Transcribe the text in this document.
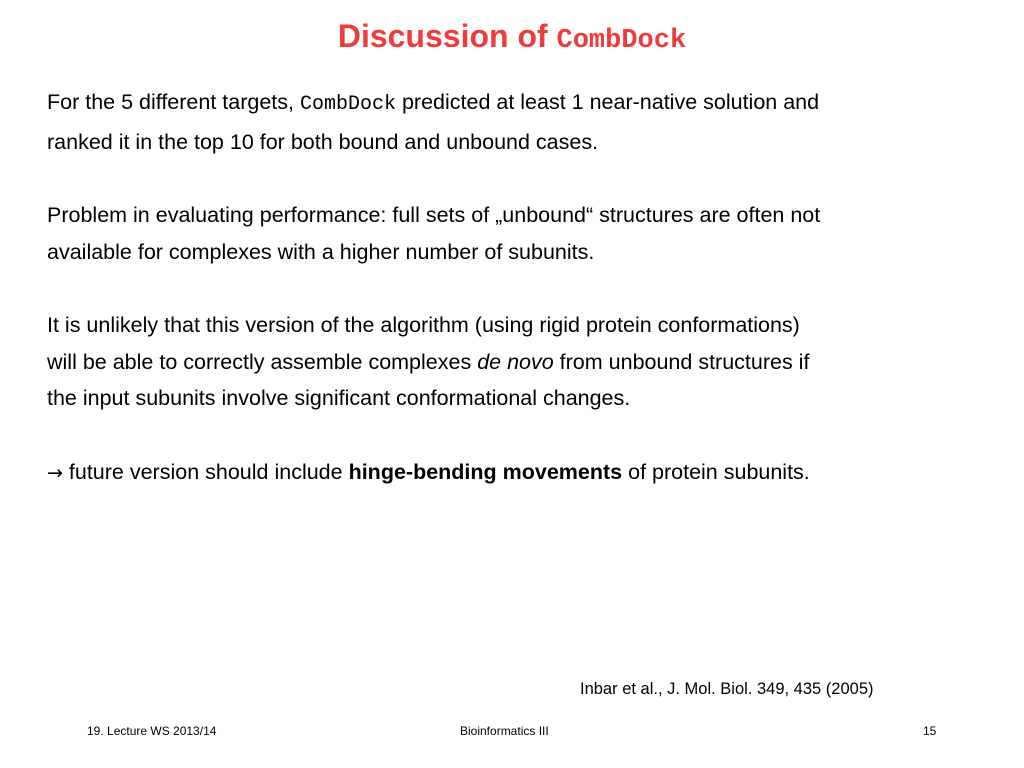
Discussion of CombDock

For the 5 different targets, CombDock predicted at least 1 near-native solution and
ranked it in the top 10 for both bound and unbound cases.

Problem in evaluating performance: full sets of „unbound“ structures are often not
available for complexes with a higher number of subunits.

It is unlikely that this version of the algorithm (using rigid protein conformations)
will be able to correctly assemble complexes de novo from unbound structures if
the input subunits involve significant conformational changes.

→ future version should include hinge-bending movements of protein subunits.

Inbar et al., J. Mol. Biol. 349, 435 (2005)
19. Lecture WS 2013/14	Bioinformatics III	15
